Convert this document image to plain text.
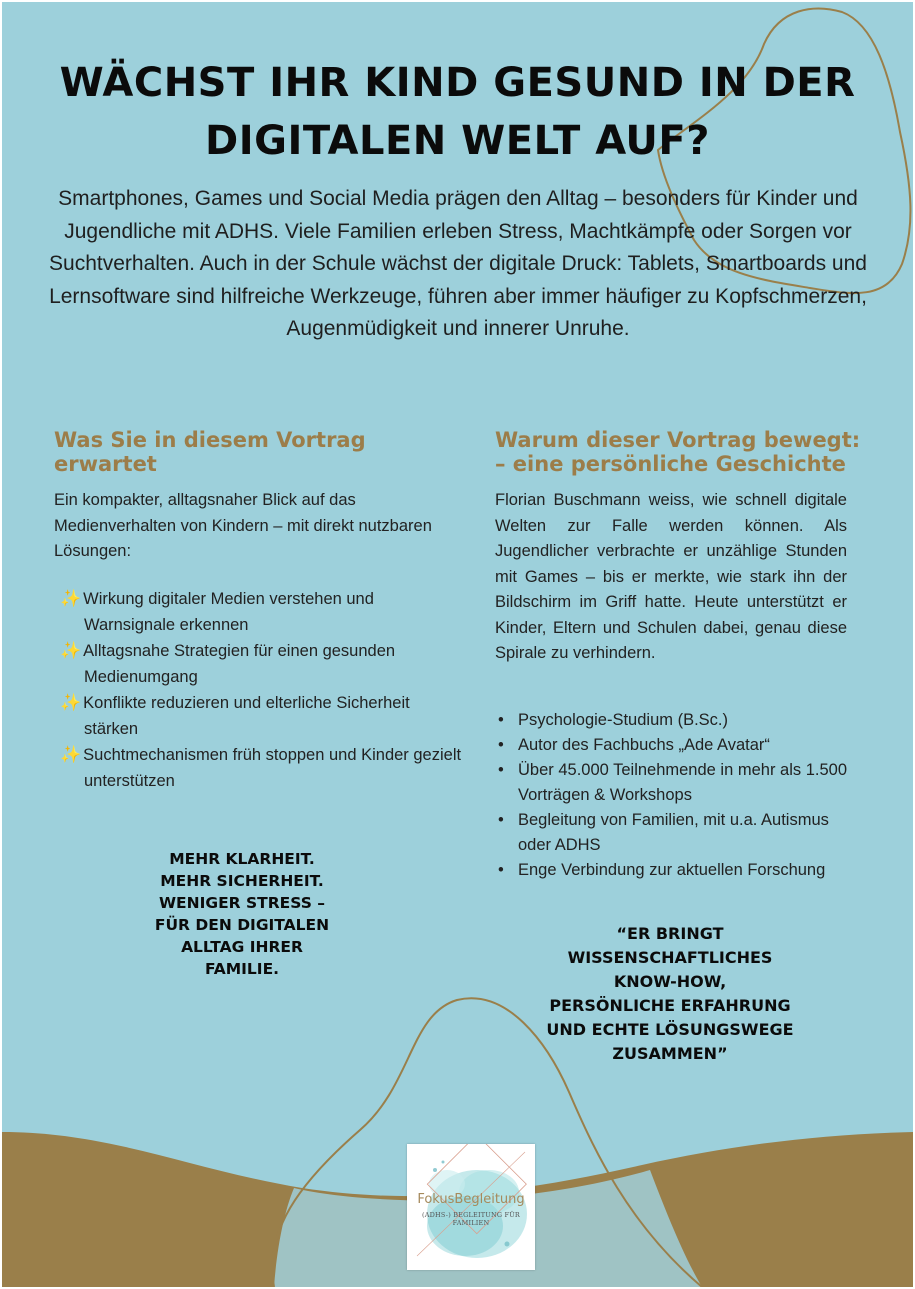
WÄCHST IHR KIND GESUND IN DER
DIGITALEN WELT AUF?

Smartphones, Games und Social Media prägen den Alltag – besonders für Kinder und Jugendliche mit ADHS. Viele Familien erleben Stress, Machtkämpfe oder Sorgen vor Suchtverhalten. Auch in der Schule wächst der digitale Druck: Tablets, Smartboards und Lernsoftware sind hilfreiche Werkzeuge, führen aber immer häufiger zu Kopfschmerzen, Augenmüdigkeit und innerer Unruhe.

Was Sie in diesem Vortrag erwartet

Ein kompakter, alltagsnaher Blick auf das Medienverhalten von Kindern – mit direkt nutzbaren Lösungen:

✨ Wirkung digitaler Medien verstehen und Warnsignale erkennen
✨ Alltagsnahe Strategien für einen gesunden Medienumgang
✨ Konflikte reduzieren und elterliche Sicherheit stärken
✨ Suchtmechanismen früh stoppen und Kinder gezielt unterstützen

MEHR KLARHEIT.
MEHR SICHERHEIT.
WENIGER STRESS –
FÜR DEN DIGITALEN
ALLTAG IHRER
FAMILIE.

Warum dieser Vortrag bewegt:
– eine persönliche Geschichte

Florian Buschmann weiss, wie schnell digitale Welten zur Falle werden können. Als Jugendlicher verbrachte er unzählige Stunden mit Games – bis er merkte, wie stark ihn der Bildschirm im Griff hatte. Heute unterstützt er Kinder, Eltern und Schulen dabei, genau diese Spirale zu verhindern.

• Psychologie-Studium (B.Sc.)
• Autor des Fachbuchs „Ade Avatar“
• Über 45.000 Teilnehmende in mehr als 1.500 Vorträgen & Workshops
• Begleitung von Familien, mit u.a. Autismus oder ADHS
• Enge Verbindung zur aktuellen Forschung

“ER BRINGT
WISSENSCHAFTLICHES
KNOW-HOW,
PERSÖNLICHE ERFAHRUNG
UND ECHTE LÖSUNGSWEGE
ZUSAMMEN”

FokusBegleitung
(ADHS-) BEGLEITUNG FÜR FAMILIEN
